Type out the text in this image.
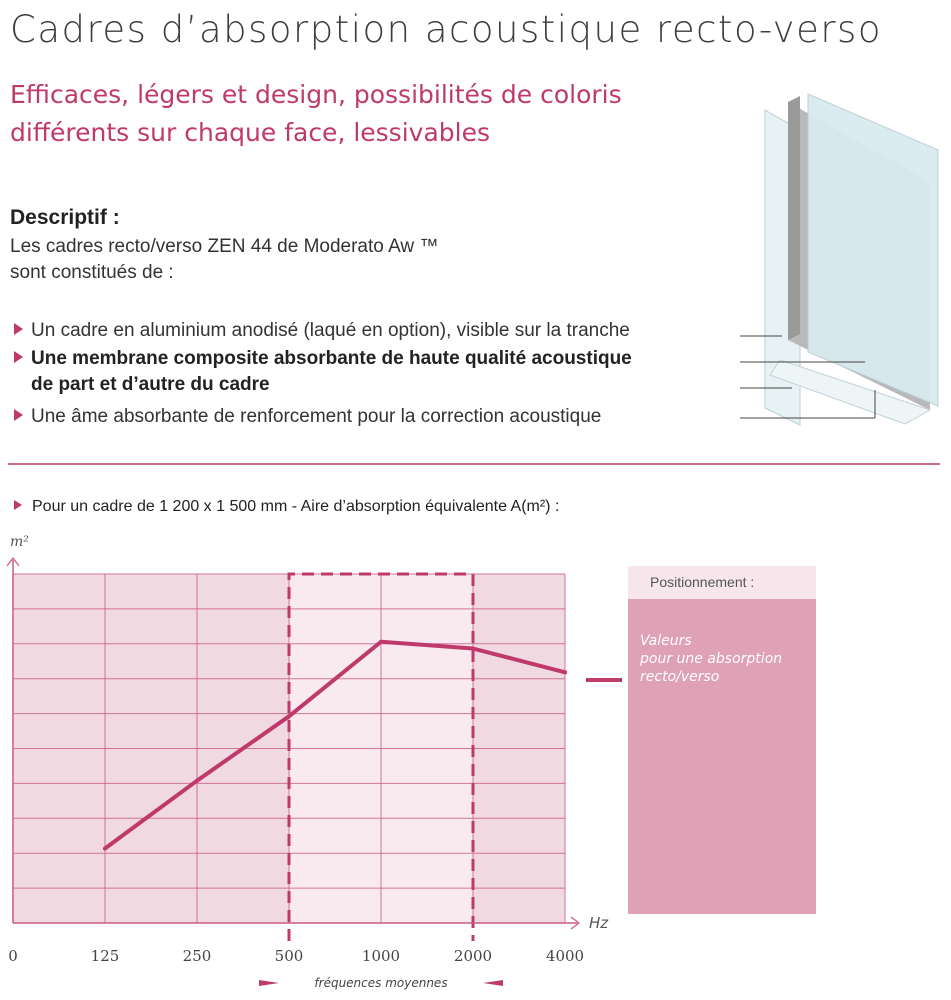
Cadres d’absorption acoustique recto-verso
Efficaces, légers et design, possibilités de coloris
différents sur chaque face, lessivables
Descriptif :
Les cadres recto/verso ZEN 44 de Moderato Aw ™
sont constitués de :
Un cadre en aluminium anodisé (laqué en option), visible sur la tranche
Une membrane composite absorbante de haute qualité acoustique
de part et d’autre du cadre
Une âme absorbante de renforcement pour la correction acoustique
Pour un cadre de 1 200 x 1 500 mm - Aire d’absorption équivalente A(m²) :
m²
Hz
0	125	250	500	1000	2000	4000
fréquences moyennes
Positionnement :
Valeurs
pour une absorption
recto/verso
